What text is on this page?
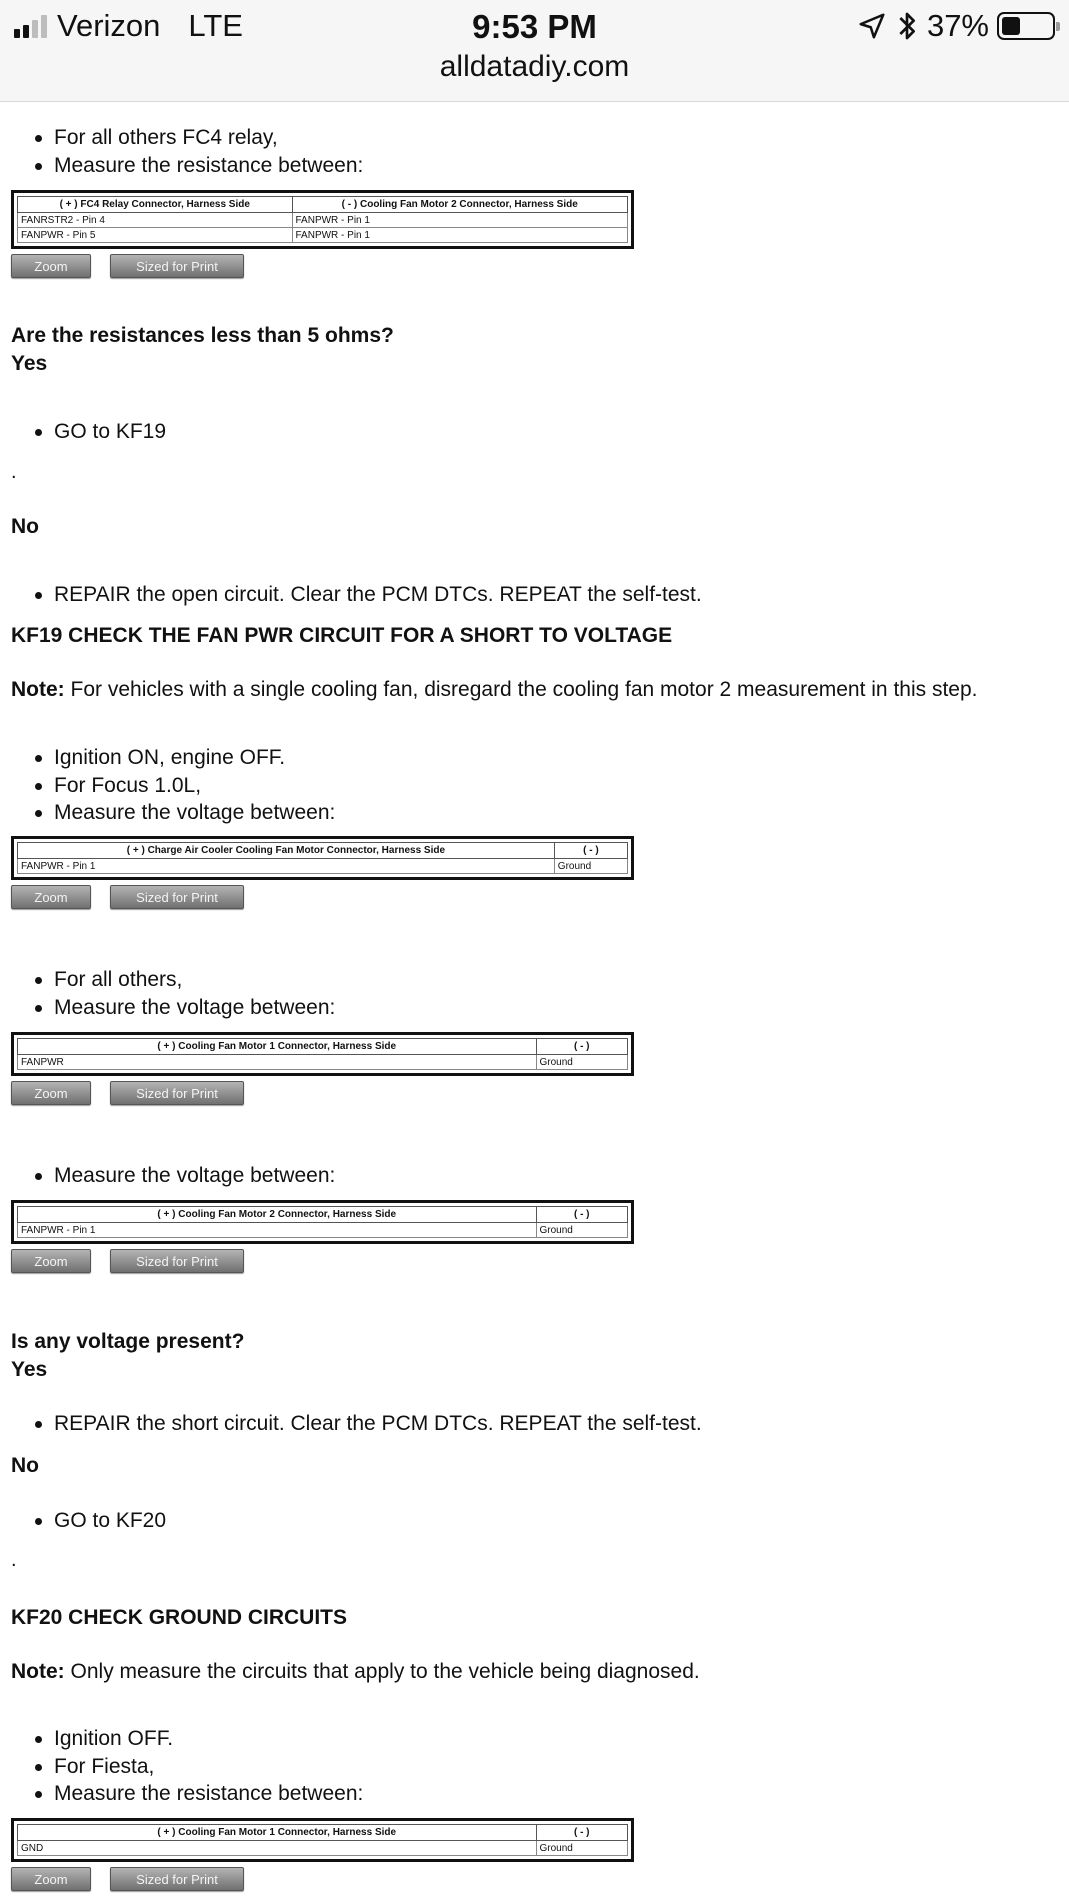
Verizon LTE	9:53 PM
alldatadiy.com
37%
For all others FC4 relay,
Measure the resistance between:
( + ) FC4 Relay Connector, Harness Side	( - ) Cooling Fan Motor 2 Connector, Harness Side
FANRSTR2 - Pin 4	FANPWR - Pin 1
FANPWR - Pin 5	FANPWR - Pin 1
Zoom	Sized for Print
Are the resistances less than 5 ohms?
Yes
GO to KF19
.
No
REPAIR the open circuit. Clear the PCM DTCs. REPEAT the self-test.
KF19 CHECK THE FAN PWR CIRCUIT FOR A SHORT TO VOLTAGE
Note: For vehicles with a single cooling fan, disregard the cooling fan motor 2 measurement in this step.
Ignition ON, engine OFF.
For Focus 1.0L,
Measure the voltage between:
( + ) Charge Air Cooler Cooling Fan Motor Connector, Harness Side	( - )
FANPWR - Pin 1	Ground
Zoom	Sized for Print
For all others,
Measure the voltage between:
( + ) Cooling Fan Motor 1 Connector, Harness Side	( - )
FANPWR	Ground
Zoom	Sized for Print
Measure the voltage between:
( + ) Cooling Fan Motor 2 Connector, Harness Side	( - )
FANPWR - Pin 1	Ground
Zoom	Sized for Print
Is any voltage present?
Yes
REPAIR the short circuit. Clear the PCM DTCs. REPEAT the self-test.
No
GO to KF20
.
KF20 CHECK GROUND CIRCUITS
Note: Only measure the circuits that apply to the vehicle being diagnosed.
Ignition OFF.
For Fiesta,
Measure the resistance between:
( + ) Cooling Fan Motor 1 Connector, Harness Side	( - )
GND	Ground
Zoom	Sized for Print
